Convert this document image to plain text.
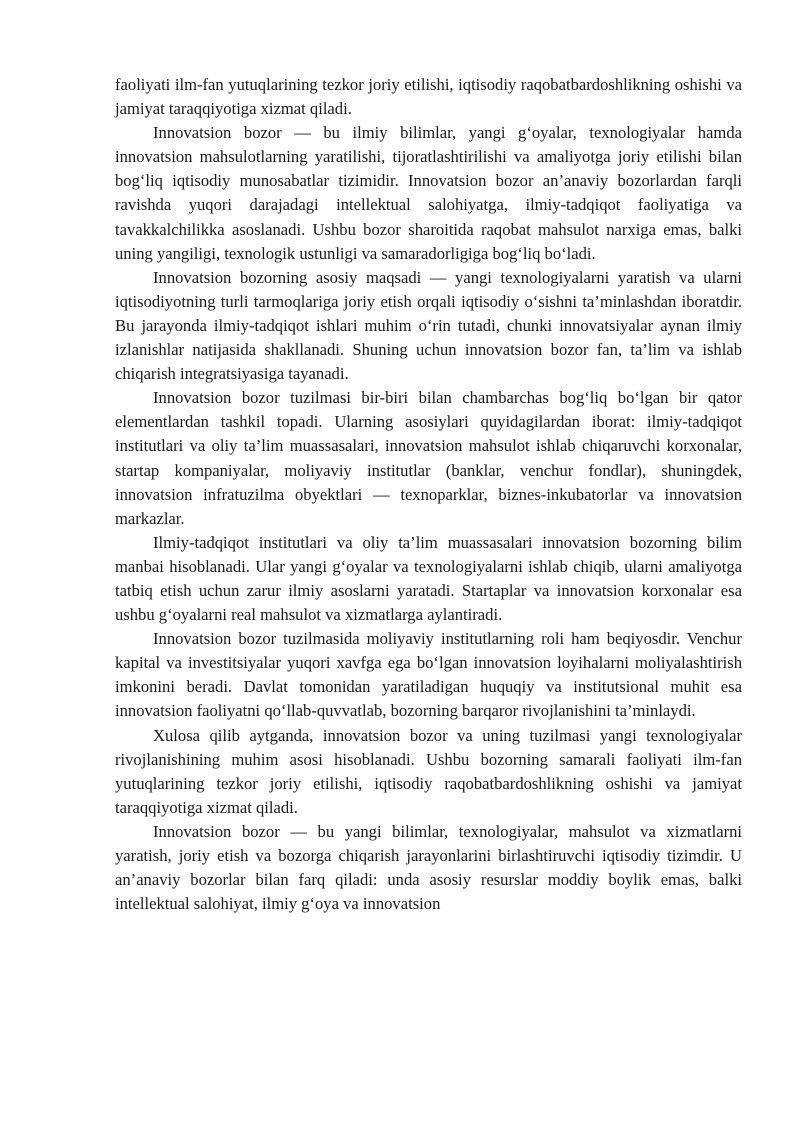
faoliyati ilm-fan yutuqlarining tezkor joriy etilishi, iqtisodiy raqobatbardoshlikning oshishi va jamiyat taraqqiyotiga xizmat qiladi.

Innovatsion bozor — bu ilmiy bilimlar, yangi g‘oyalar, texnologiyalar hamda innovatsion mahsulotlarning yaratilishi, tijoratlashtirilishi va amaliyotga joriy etilishi bilan bog‘liq iqtisodiy munosabatlar tizimidir. Innovatsion bozor an’anaviy bozorlardan farqli ravishda yuqori darajadagi intellektual salohiyatga, ilmiy-tadqiqot faoliyatiga va tavakkalchilikka asoslanadi. Ushbu bozor sharoitida raqobat mahsulot narxiga emas, balki uning yangiligi, texnologik ustunligi va samaradorligiga bog‘liq bo‘ladi.

Innovatsion bozorning asosiy maqsadi — yangi texnologiyalarni yaratish va ularni iqtisodiyotning turli tarmoqlariga joriy etish orqali iqtisodiy o‘sishni ta’minlashdan iboratdir. Bu jarayonda ilmiy-tadqiqot ishlari muhim o‘rin tutadi, chunki innovatsiyalar aynan ilmiy izlanishlar natijasida shakllanadi. Shuning uchun innovatsion bozor fan, ta’lim va ishlab chiqarish integratsiyasiga tayanadi.

Innovatsion bozor tuzilmasi bir-biri bilan chambarchas bog‘liq bo‘lgan bir qator elementlardan tashkil topadi. Ularning asosiylari quyidagilardan iborat: ilmiy-tadqiqot institutlari va oliy ta’lim muassasalari, innovatsion mahsulot ishlab chiqaruvchi korxonalar, startap kompaniyalar, moliyaviy institutlar (banklar, venchur fondlar), shuningdek, innovatsion infratuzilma obyektlari — texnoparklar, biznes-inkubatorlar va innovatsion markazlar.

Ilmiy-tadqiqot institutlari va oliy ta’lim muassasalari innovatsion bozorning bilim manbai hisoblanadi. Ular yangi g‘oyalar va texnologiyalarni ishlab chiqib, ularni amaliyotga tatbiq etish uchun zarur ilmiy asoslarni yaratadi. Startaplar va innovatsion korxonalar esa ushbu g‘oyalarni real mahsulot va xizmatlarga aylantiradi.

Innovatsion bozor tuzilmasida moliyaviy institutlarning roli ham beqiyosdir. Venchur kapital va investitsiyalar yuqori xavfga ega bo‘lgan innovatsion loyihalarni moliyalashtirish imkonini beradi. Davlat tomonidan yaratiladigan huquqiy va institutsional muhit esa innovatsion faoliyatni qo‘llab-quvvatlab, bozorning barqaror rivojlanishini ta’minlaydi.

Xulosa qilib aytganda, innovatsion bozor va uning tuzilmasi yangi texnologiyalar rivojlanishining muhim asosi hisoblanadi. Ushbu bozorning samarali faoliyati ilm-fan yutuqlarining tezkor joriy etilishi, iqtisodiy raqobatbardoshlikning oshishi va jamiyat taraqqiyotiga xizmat qiladi.

Innovatsion bozor — bu yangi bilimlar, texnologiyalar, mahsulot va xizmatlarni yaratish, joriy etish va bozorga chiqarish jarayonlarini birlashtiruvchi iqtisodiy tizimdir. U an’anaviy bozorlar bilan farq qiladi: unda asosiy resurslar moddiy boylik emas, balki intellektual salohiyat, ilmiy g‘oya va innovatsion
